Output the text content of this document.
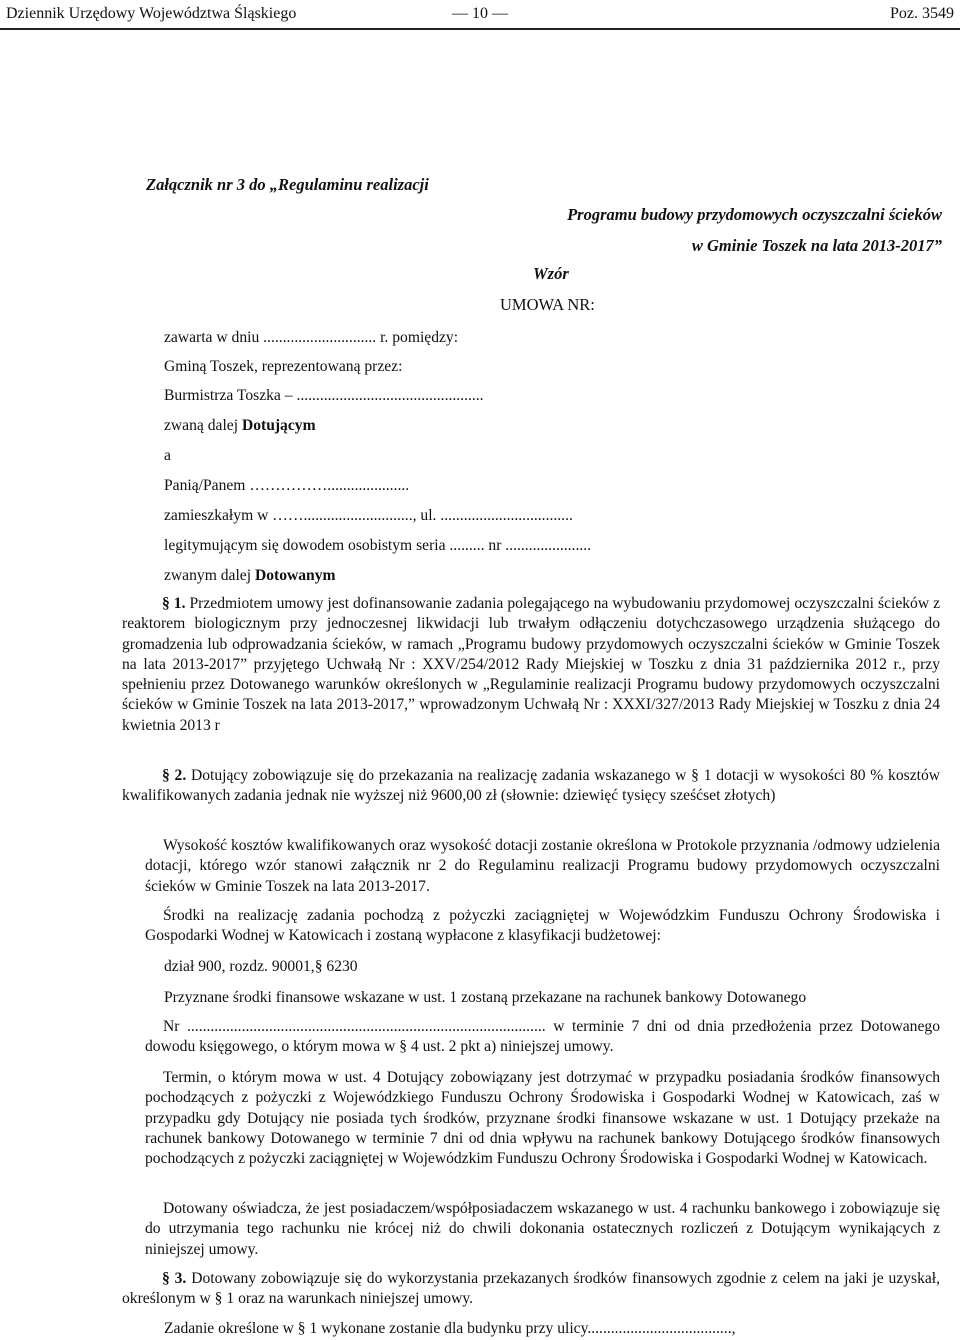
Dziennik Urzędowy Województwa Śląskiego	— 10 —	Poz. 3549
Załącznik nr 3 do „Regulaminu realizacji
Programu budowy przydomowych oczyszczalni ścieków
w Gminie Toszek na lata 2013-2017”
Wzór
UMOWA NR:
zawarta w dniu ............................. r. pomiędzy:
Gminą Toszek, reprezentowaną przez:
Burmistrza Toszka – ................................................
zwaną dalej Dotującym
a
Panią/Panem …………….....................
zamieszkałym w ……............................, ul. ..................................
legitymującym się dowodem osobistym seria ......... nr ......................
zwanym dalej Dotowanym
§ 1. Przedmiotem umowy jest dofinansowanie zadania polegającego na wybudowaniu przydomowej oczyszczalni ścieków z reaktorem biologicznym przy jednoczesnej likwidacji lub trwałym odłączeniu dotychczasowego urządzenia służącego do gromadzenia lub odprowadzania ścieków, w ramach „Programu budowy przydomowych oczyszczalni ścieków w Gminie Toszek na lata 2013-2017” przyjętego Uchwałą Nr : XXV/254/2012 Rady Miejskiej w Toszku z dnia 31 października 2012 r., przy spełnieniu przez Dotowanego warunków określonych w „Regulaminie realizacji Programu budowy przydomowych oczyszczalni ścieków w Gminie Toszek na lata 2013-2017,” wprowadzonym Uchwałą Nr : XXXI/327/2013 Rady Miejskiej w Toszku z dnia 24 kwietnia 2013 r
§ 2. Dotujący zobowiązuje się do przekazania na realizację zadania wskazanego w § 1 dotacji w wysokości 80 % kosztów kwalifikowanych zadania jednak nie wyższej niż 9600,00 zł (słownie: dziewięć tysięcy sześćset złotych)
Wysokość kosztów kwalifikowanych oraz wysokość dotacji zostanie określona w Protokole przyznania /odmowy udzielenia dotacji, którego wzór stanowi załącznik nr 2 do Regulaminu realizacji Programu budowy przydomowych oczyszczalni ścieków w Gminie Toszek na lata 2013-2017.
Środki na realizację zadania pochodzą z pożyczki zaciągniętej w Wojewódzkim Funduszu Ochrony Środowiska i Gospodarki Wodnej w Katowicach i zostaną wypłacone z klasyfikacji budżetowej:
dział 900, rozdz. 90001,§ 6230
Przyznane środki finansowe wskazane w ust. 1 zostaną przekazane na rachunek bankowy Dotowanego
Nr ............................................................................................ w terminie 7 dni od dnia przedłożenia przez Dotowanego dowodu księgowego, o którym mowa w § 4 ust. 2 pkt a) niniejszej umowy.
Termin, o którym mowa w ust. 4 Dotujący zobowiązany jest dotrzymać w przypadku posiadania środków finansowych pochodzących z pożyczki z Wojewódzkiego Funduszu Ochrony Środowiska i Gospodarki Wodnej w Katowicach, zaś w przypadku gdy Dotujący nie posiada tych środków, przyznane środki finansowe wskazane w ust. 1 Dotujący przekaże na rachunek bankowy Dotowanego w terminie 7 dni od dnia wpływu na rachunek bankowy Dotującego środków finansowych pochodzących z pożyczki zaciągniętej w Wojewódzkim Funduszu Ochrony Środowiska i Gospodarki Wodnej w Katowicach.
Dotowany oświadcza, że jest posiadaczem/współposiadaczem wskazanego w ust. 4 rachunku bankowego i zobowiązuje się do utrzymania tego rachunku nie krócej niż do chwili dokonania ostatecznych rozliczeń z Dotującym wynikających z niniejszej umowy.
§ 3. Dotowany zobowiązuje się do wykorzystania przekazanych środków finansowych zgodnie z celem na jaki je uzyskał, określonym w § 1 oraz na warunkach niniejszej umowy.
Zadanie określone w § 1 wykonane zostanie dla budynku przy ulicy.....................................,
